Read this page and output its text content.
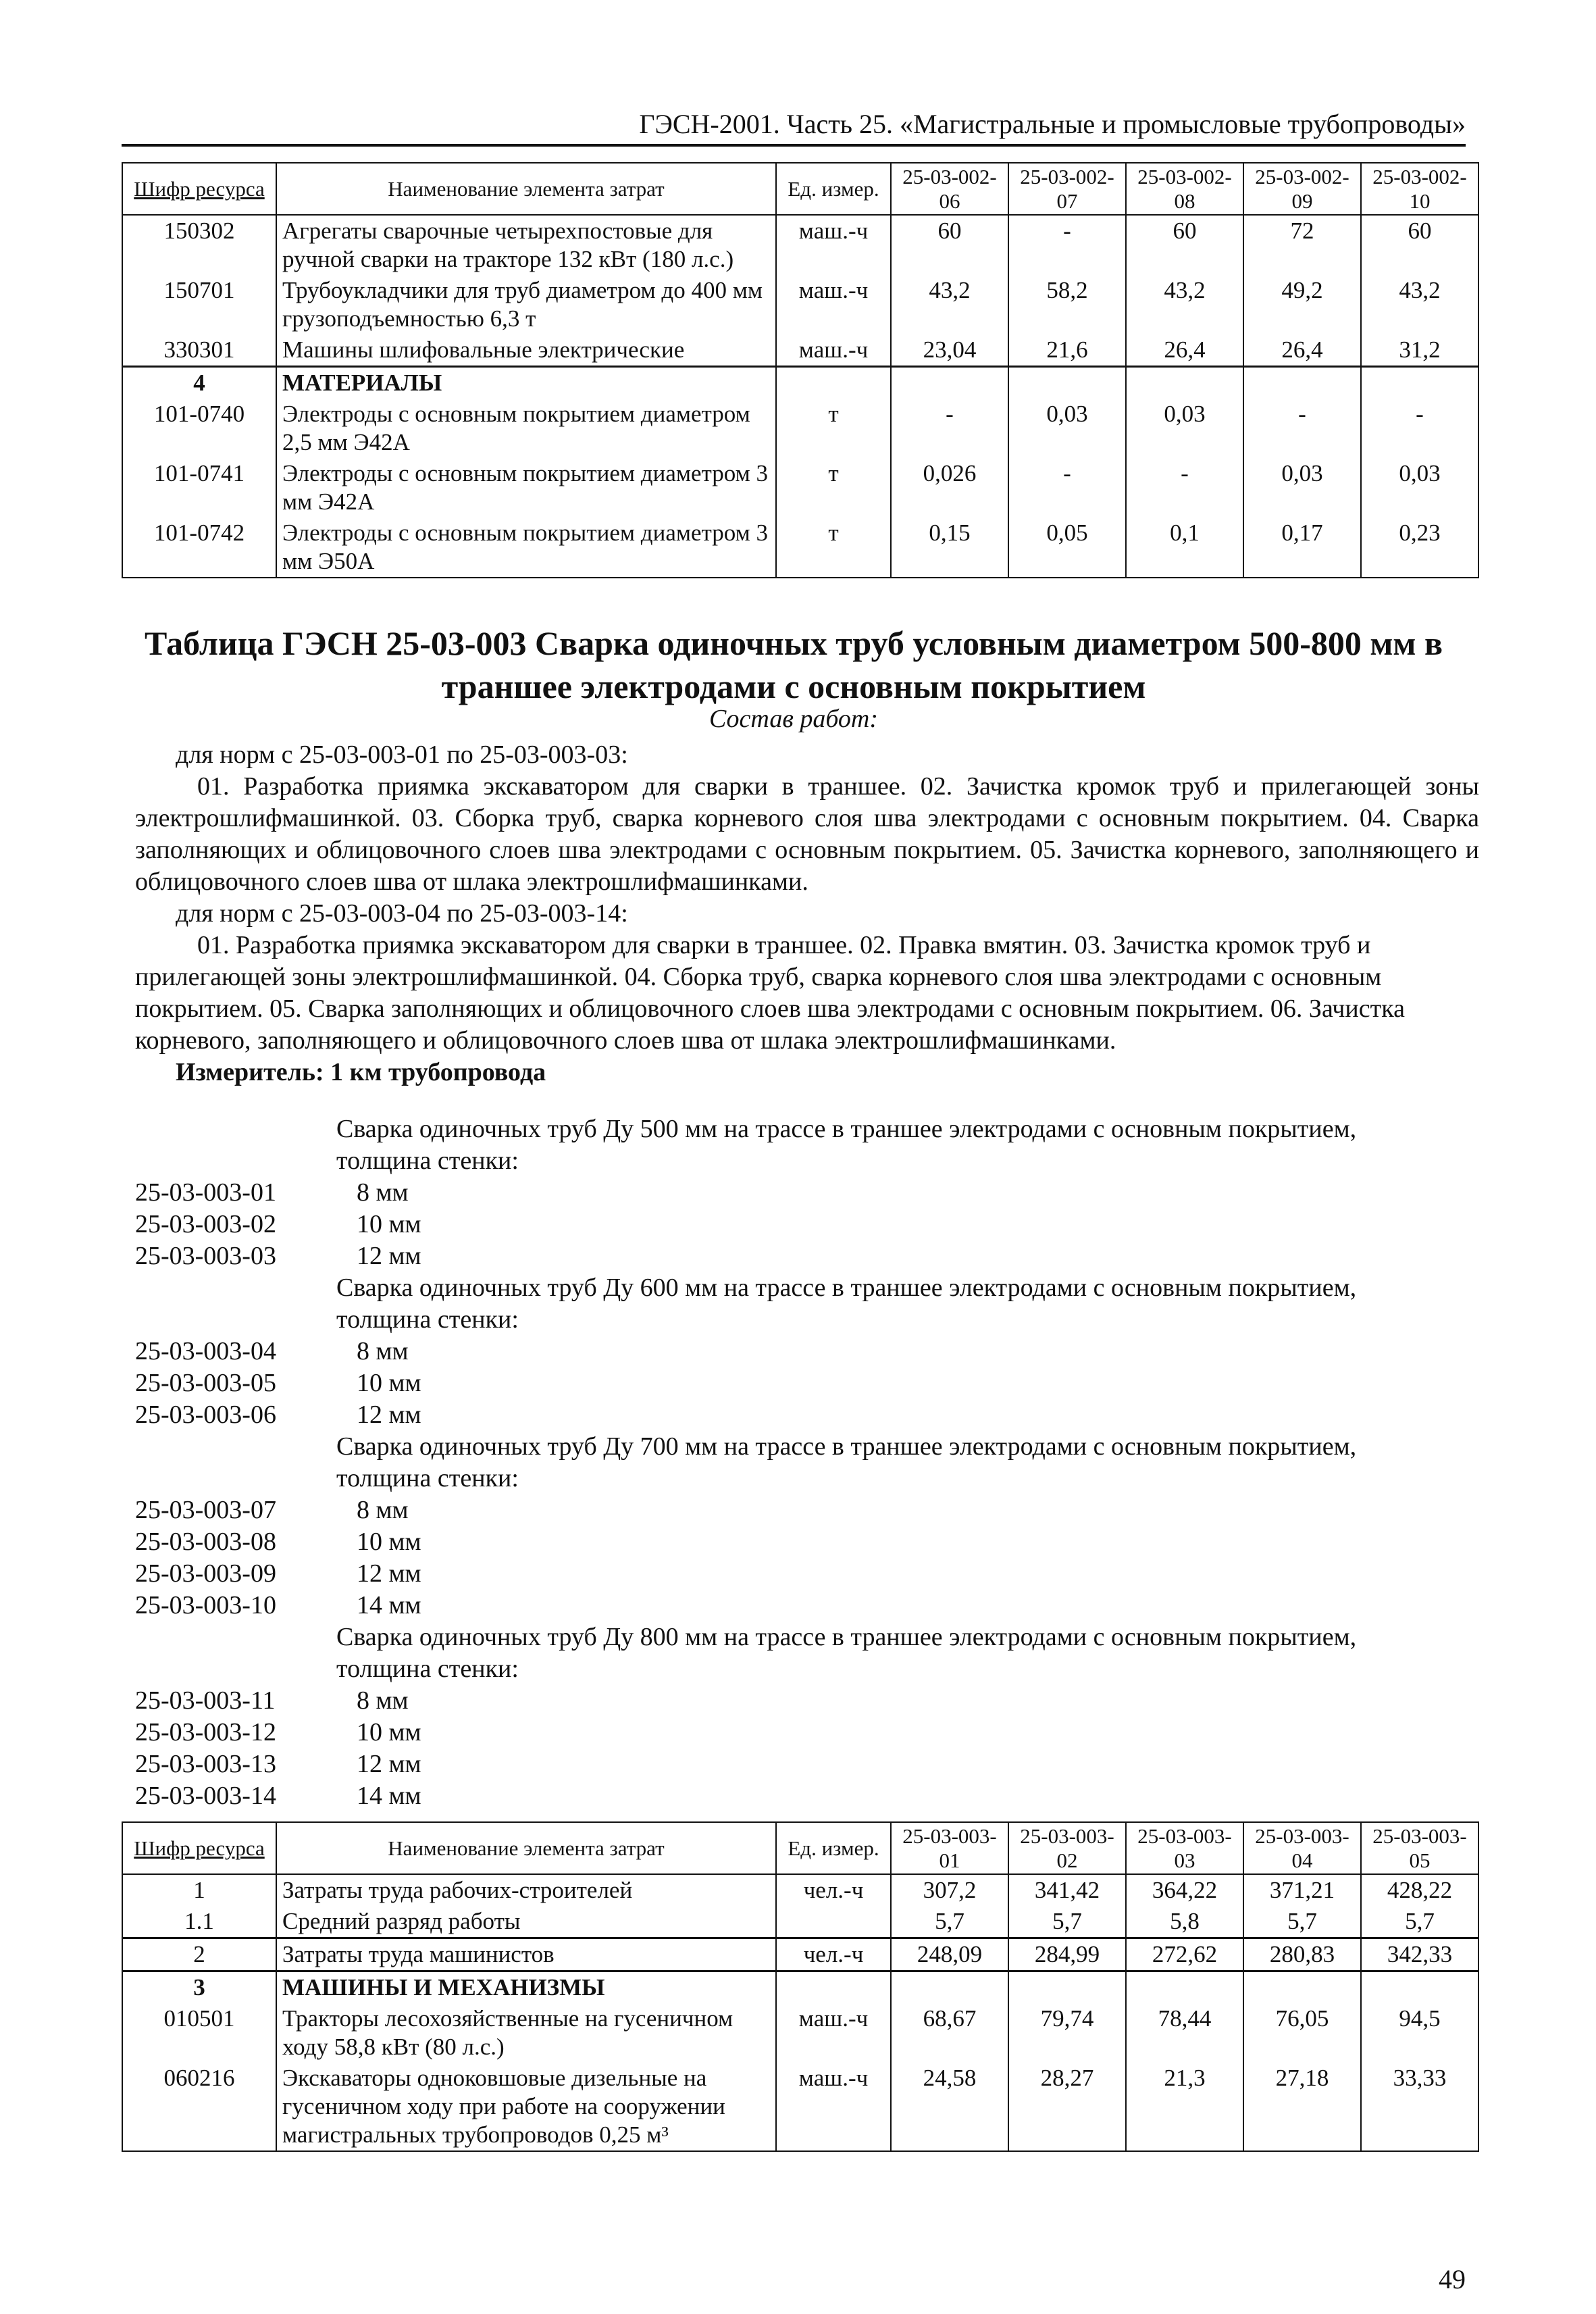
ГЭСН-2001. Часть 25. «Магистральные и промысловые трубопроводы»
Шифр ресурса	Наименование элемента затрат	Ед. измер.	25-03-002-06	25-03-002-07	25-03-002-08	25-03-002-09	25-03-002-10
150302	Агрегаты сварочные четырехпостовые для ручной сварки на тракторе 132 кВт (180 л.с.)	маш.-ч	60	-	60	72	60
150701	Трубоукладчики для труб диаметром до 400 мм грузоподъемностью 6,3 т	маш.-ч	43,2	58,2	43,2	49,2	43,2
330301	Машины шлифовальные электрические	маш.-ч	23,04	21,6	26,4	26,4	31,2
4	МАТЕРИАЛЫ						
101-0740	Электроды с основным покрытием диаметром 2,5 мм Э42А	т	-	0,03	0,03	-	-
101-0741	Электроды с основным покрытием диаметром 3 мм Э42А	т	0,026	-	-	0,03	0,03
101-0742	Электроды с основным покрытием диаметром 3 мм Э50А	т	0,15	0,05	0,1	0,17	0,23
Таблица ГЭСН 25-03-003 Сварка одиночных труб условным диаметром 500-800 мм в траншее электродами с основным покрытием
Состав работ:

для норм с 25-03-003-01 по 25-03-003-03:

01. Разработка приямка экскаватором для сварки в траншее. 02. Зачистка кромок труб и прилегающей зоны электрошлифмашинкой. 03. Сборка труб, сварка корневого слоя шва электродами с основным покрытием. 04. Сварка заполняющих и облицовочного слоев шва электродами с основным покрытием. 05. Зачистка корневого, заполняющего и облицовочного слоев шва от шлака электрошлифмашинками.

для норм с 25-03-003-04 по 25-03-003-14:

01. Разработка приямка экскаватором для сварки в траншее. 02. Правка вмятин. 03. Зачистка кромок труб и прилегающей зоны электрошлифмашинкой. 04. Сборка труб, сварка корневого слоя шва электродами с основным покрытием. 05. Сварка заполняющих и облицовочного слоев шва электродами с основным покрытием. 06. Зачистка корневого, заполняющего и облицовочного слоев шва от шлака электрошлифмашинками.

Измеритель: 1 км трубопровода

Сварка одиночных труб Ду 500 мм на трассе в траншее электродами с основным покрытием,
толщина стенки:
25-03-003-01	8 мм
25-03-003-02	10 мм
25-03-003-03	12 мм
Сварка одиночных труб Ду 600 мм на трассе в траншее электродами с основным покрытием,
толщина стенки:
25-03-003-04	8 мм
25-03-003-05	10 мм
25-03-003-06	12 мм
Сварка одиночных труб Ду 700 мм на трассе в траншее электродами с основным покрытием,
толщина стенки:
25-03-003-07	8 мм
25-03-003-08	10 мм
25-03-003-09	12 мм
25-03-003-10	14 мм
Сварка одиночных труб Ду 800 мм на трассе в траншее электродами с основным покрытием,
толщина стенки:
25-03-003-11	8 мм
25-03-003-12	10 мм
25-03-003-13	12 мм
25-03-003-14	14 мм
Шифр ресурса	Наименование элемента затрат	Ед. измер.	25-03-003-01	25-03-003-02	25-03-003-03	25-03-003-04	25-03-003-05
1	Затраты труда рабочих-строителей	чел.-ч	307,2	341,42	364,22	371,21	428,22
1.1	Средний разряд работы		5,7	5,7	5,8	5,7	5,7
2	Затраты труда машинистов	чел.-ч	248,09	284,99	272,62	280,83	342,33
3	МАШИНЫ И МЕХАНИЗМЫ						
010501	Тракторы лесохозяйственные на гусеничном ходу 58,8 кВт (80 л.с.)	маш.-ч	68,67	79,74	78,44	76,05	94,5
060216	Экскаваторы одноковшовые дизельные на гусеничном ходу при работе на сооружении магистральных трубопроводов 0,25 м³	маш.-ч	24,58	28,27	21,3	27,18	33,33
49
